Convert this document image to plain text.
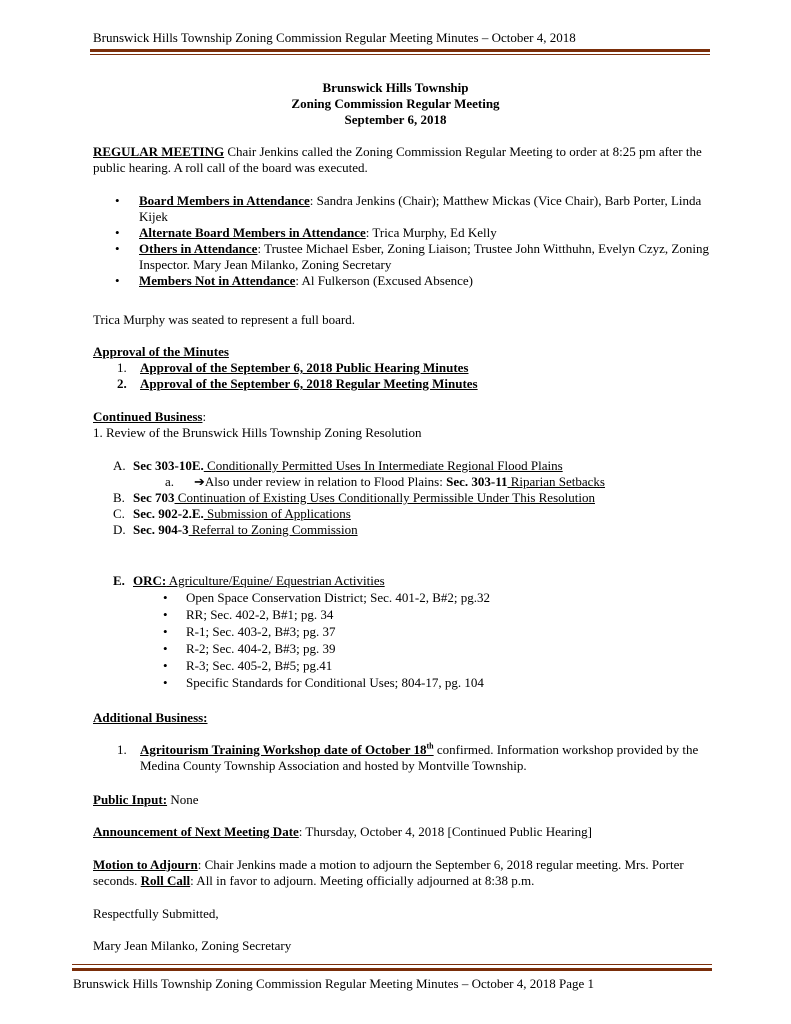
Brunswick Hills Township Zoning Commission Regular Meeting Minutes – October 4, 2018
Brunswick Hills Township
Zoning Commission Regular Meeting
September 6, 2018
REGULAR MEETING Chair Jenkins called the Zoning Commission Regular Meeting to order at 8:25 pm after the public hearing. A roll call of the board was executed.
• Board Members in Attendance: Sandra Jenkins (Chair); Matthew Mickas (Vice Chair), Barb Porter, Linda Kijek
• Alternate Board Members in Attendance: Trica Murphy, Ed Kelly
• Others in Attendance: Trustee Michael Esber, Zoning Liaison; Trustee John Witthuhn, Evelyn Czyz, Zoning Inspector. Mary Jean Milanko, Zoning Secretary
• Members Not in Attendance: Al Fulkerson (Excused Absence)
Trica Murphy was seated to represent a full board.
Approval of the Minutes
1. Approval of the September 6, 2018 Public Hearing Minutes
2. Approval of the September 6, 2018 Regular Meeting Minutes
Continued Business:
1. Review of the Brunswick Hills Township Zoning Resolution
A. Sec 303-10E. Conditionally Permitted Uses In Intermediate Regional Flood Plains
a. ➔Also under review in relation to Flood Plains: Sec. 303-11 Riparian Setbacks
B. Sec 703 Continuation of Existing Uses Conditionally Permissible Under This Resolution
C. Sec. 902-2.E. Submission of Applications
D. Sec. 904-3 Referral to Zoning Commission
E. ORC: Agriculture/Equine/ Equestrian Activities
• Open Space Conservation District; Sec. 401-2, B#2; pg.32
• RR; Sec. 402-2, B#1; pg. 34
• R-1; Sec. 403-2, B#3; pg. 37
• R-2; Sec. 404-2, B#3; pg. 39
• R-3; Sec. 405-2, B#5; pg.41
• Specific Standards for Conditional Uses; 804-17, pg. 104
Additional Business:
1. Agritourism Training Workshop date of October 18th confirmed. Information workshop provided by the Medina County Township Association and hosted by Montville Township.
Public Input: None
Announcement of Next Meeting Date: Thursday, October 4, 2018 [Continued Public Hearing]
Motion to Adjourn: Chair Jenkins made a motion to adjourn the September 6, 2018 regular meeting. Mrs. Porter seconds. Roll Call: All in favor to adjourn. Meeting officially adjourned at 8:38 p.m.
Respectfully Submitted,
Mary Jean Milanko, Zoning Secretary
Brunswick Hills Township Zoning Commission Regular Meeting Minutes – October 4, 2018 Page 1
